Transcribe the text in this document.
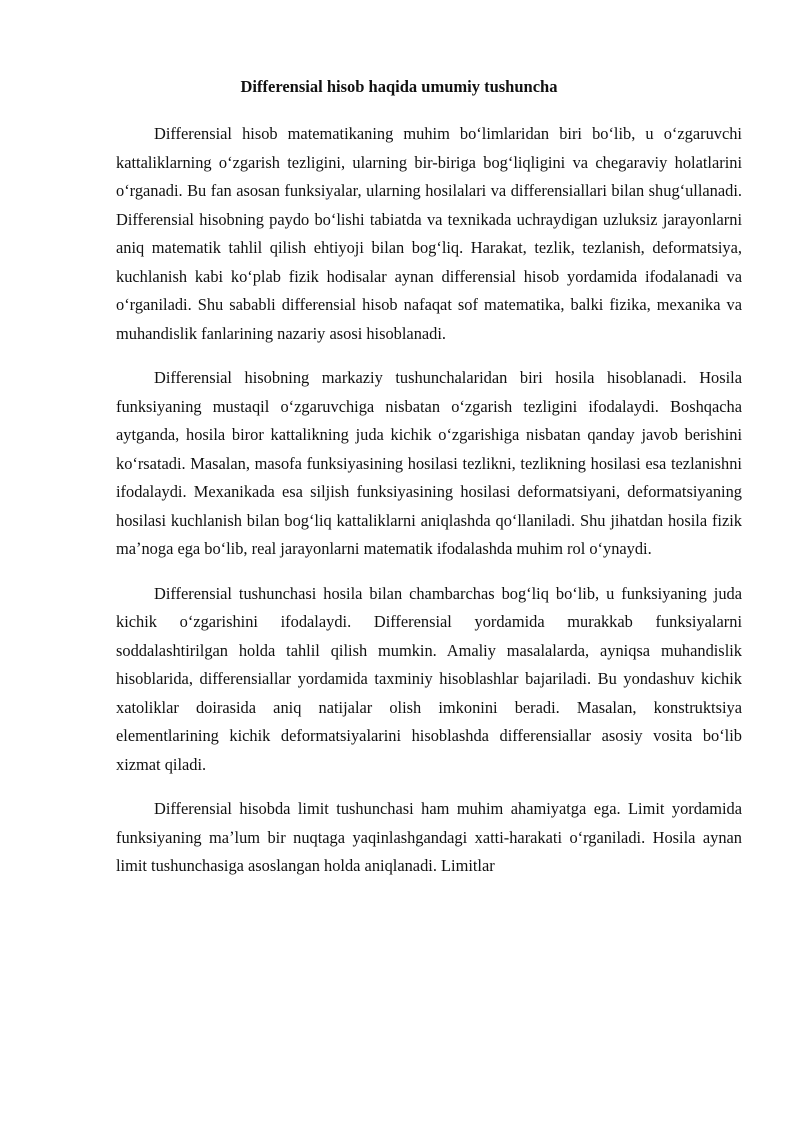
Differensial hisob haqida umumiy tushuncha

Differensial hisob matematikaning muhim boʻlimlaridan biri boʻlib, u oʻzgaruvchi kattaliklarning oʻzgarish tezligini, ularning bir-biriga bogʻliqligini va chegaraviy holatlarini oʻrganadi. Bu fan asosan funksiyalar, ularning hosilalari va differensiallari bilan shugʻullanadi. Differensial hisobning paydo boʻlishi tabiatda va texnikada uchraydigan uzluksiz jarayonlarni aniq matematik tahlil qilish ehtiyoji bilan bogʻliq. Harakat, tezlik, tezlanish, deformatsiya, kuchlanish kabi koʻplab fizik hodisalar aynan differensial hisob yordamida ifodalanadi va oʻrganiladi. Shu sababli differensial hisob nafaqat sof matematika, balki fizika, mexanika va muhandislik fanlarining nazariy asosi hisoblanadi.

Differensial hisobning markaziy tushunchalaridan biri hosila hisoblanadi. Hosila funksiyaning mustaqil oʻzgaruvchiga nisbatan oʻzgarish tezligini ifodalaydi. Boshqacha aytganda, hosila biror kattalikning juda kichik oʻzgarishiga nisbatan qanday javob berishini koʻrsatadi. Masalan, masofa funksiyasining hosilasi tezlikni, tezlikning hosilasi esa tezlanishni ifodalaydi. Mexanikada esa siljish funksiyasining hosilasi deformatsiyani, deformatsiyaning hosilasi kuchlanish bilan bogʻliq kattaliklarni aniqlashda qoʻllaniladi. Shu jihatdan hosila fizik maʼnoga ega boʻlib, real jarayonlarni matematik ifodalashda muhim rol oʻynaydi.

Differensial tushunchasi hosila bilan chambarchas bogʻliq boʻlib, u funksiyaning juda kichik oʻzgarishini ifodalaydi. Differensial yordamida murakkab funksiyalarni soddalashtirilgan holda tahlil qilish mumkin. Amaliy masalalarda, ayniqsa muhandislik hisoblarida, differensiallar yordamida taxminiy hisoblashlar bajariladi. Bu yondashuv kichik xatoliklar doirasida aniq natijalar olish imkonini beradi. Masalan, konstruktsiya elementlarining kichik deformatsiyalarini hisoblashda differensiallar asosiy vosita boʻlib xizmat qiladi.

Differensial hisobda limit tushunchasi ham muhim ahamiyatga ega. Limit yordamida funksiyaning maʼlum bir nuqtaga yaqinlashgandagi xatti-harakati oʻrganiladi. Hosila aynan limit tushunchasiga asoslangan holda aniqlanadi. Limitlar
